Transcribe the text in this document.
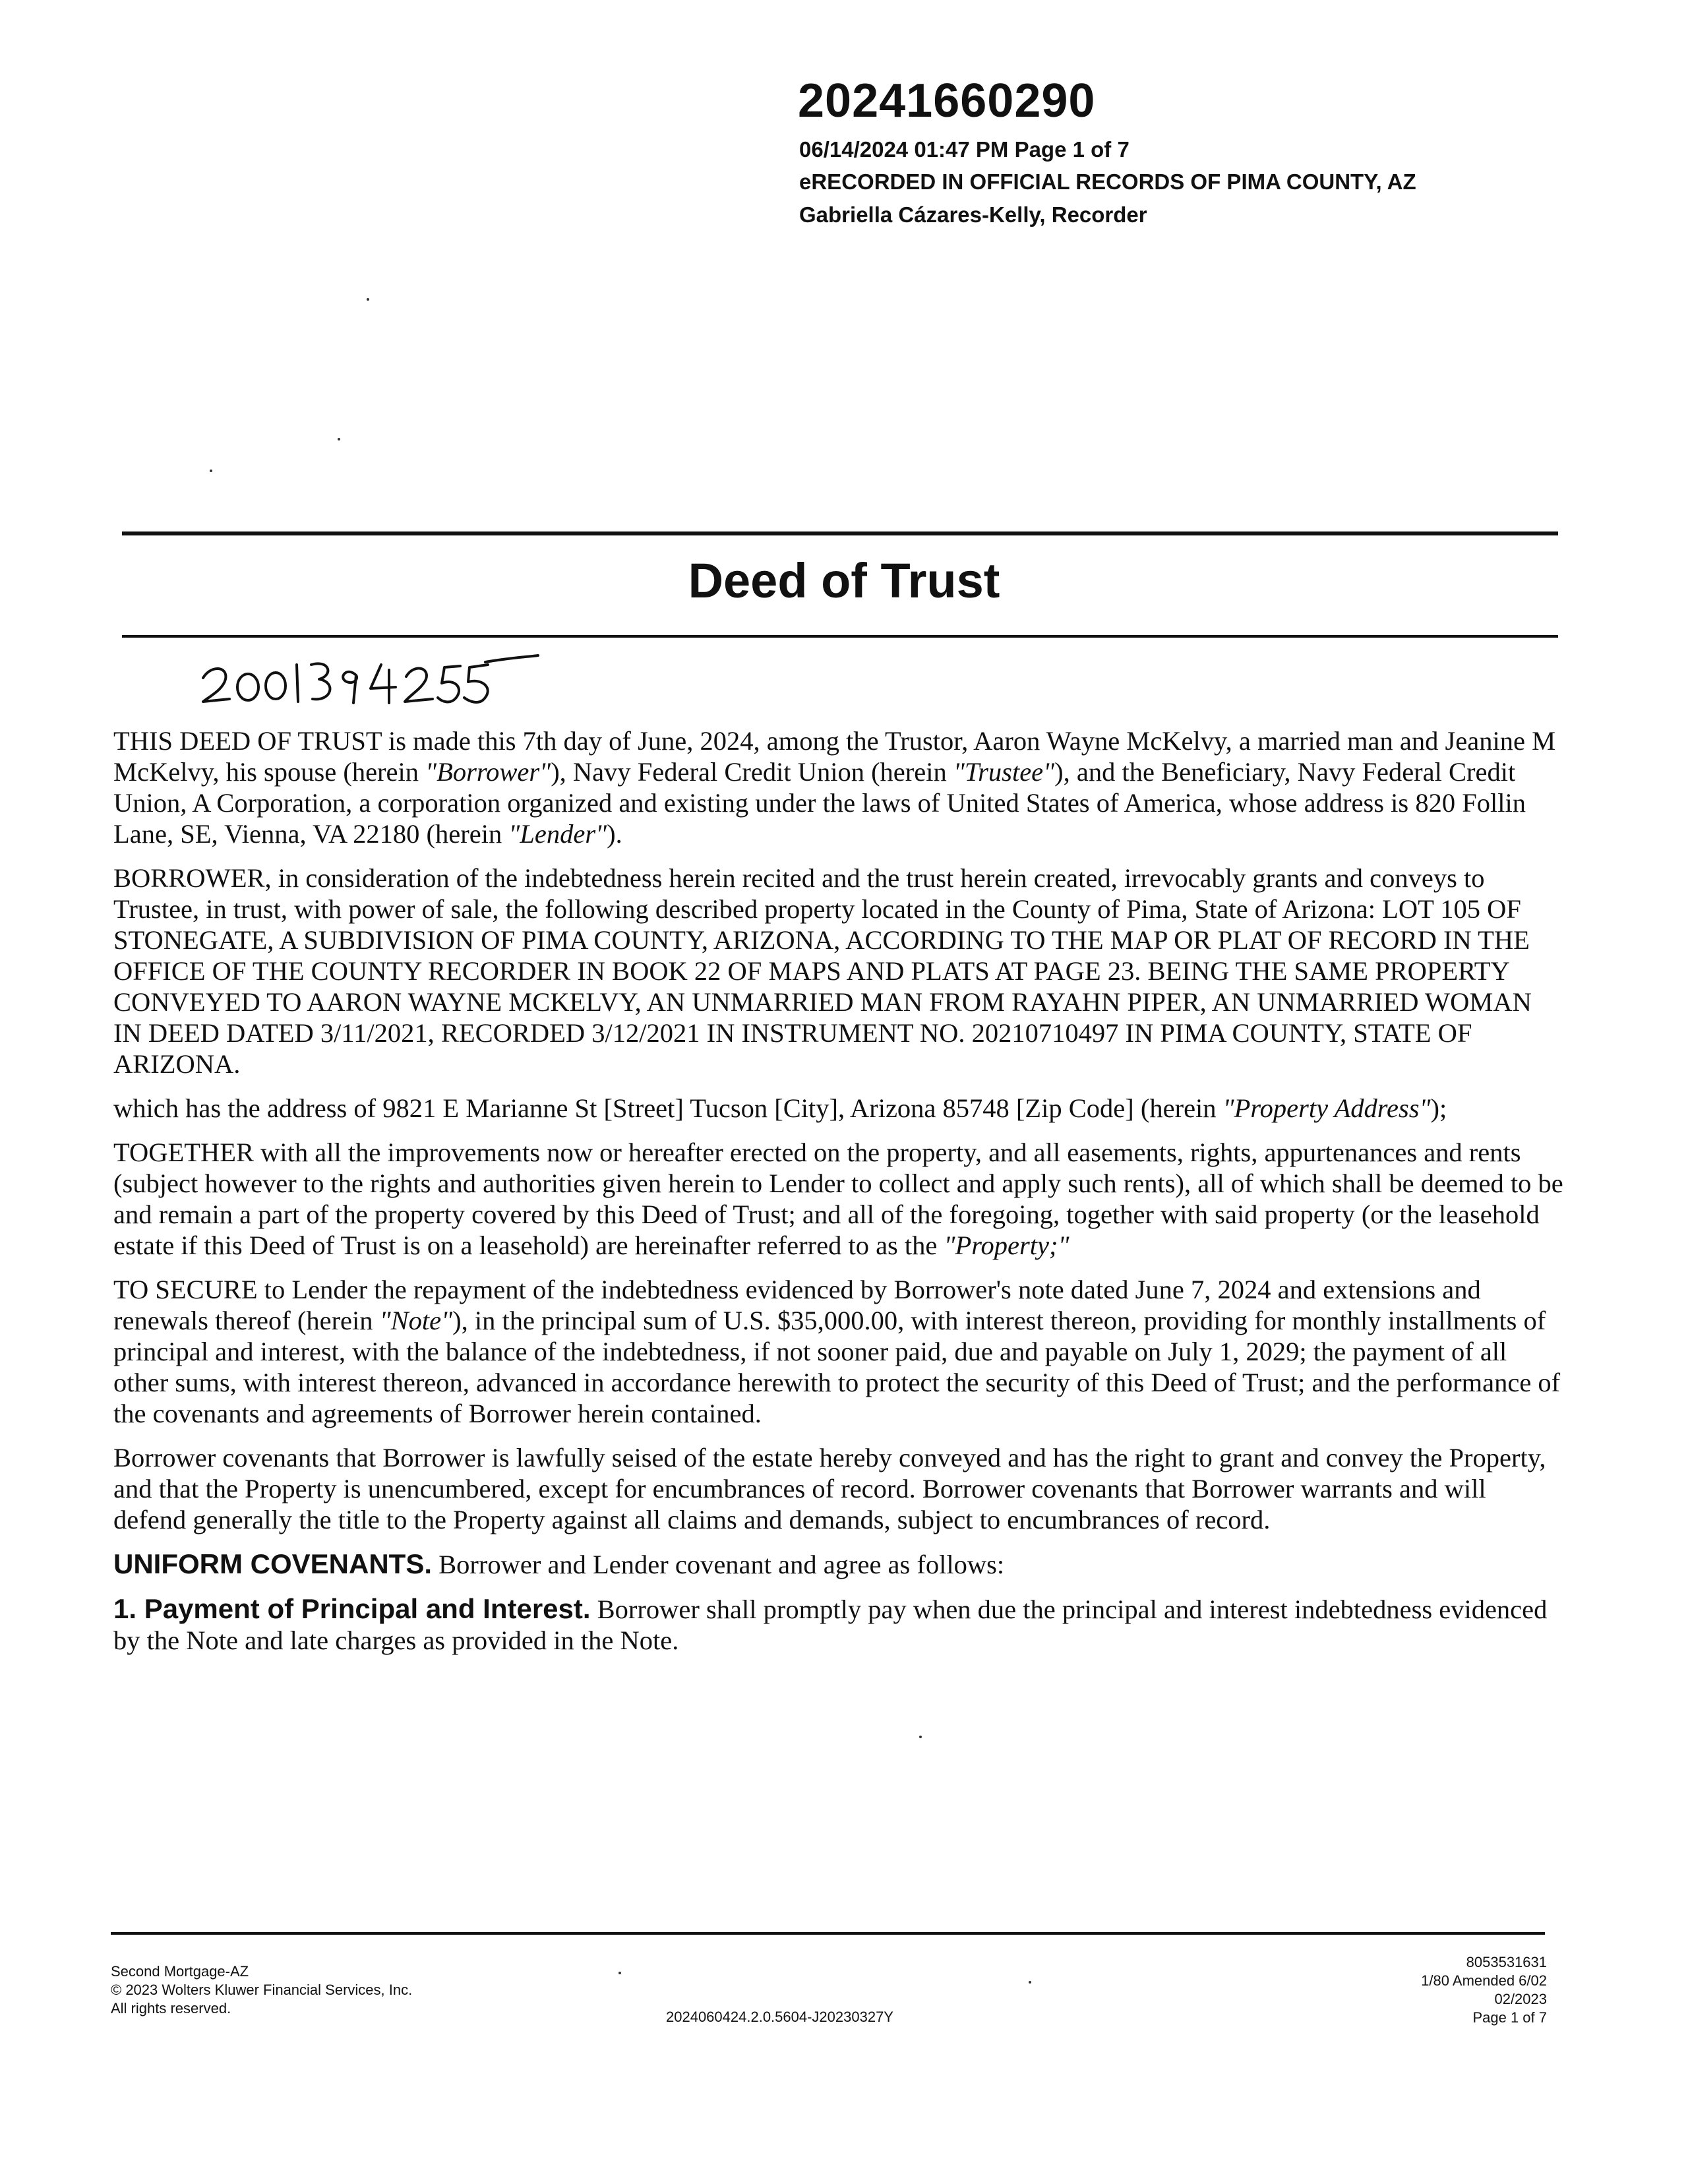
20241660290
06/14/2024 01:47 PM Page 1 of 7
eRECORDED IN OFFICIAL RECORDS OF PIMA COUNTY, AZ
Gabriella Cázares-Kelly, Recorder
Deed of Trust

THIS DEED OF TRUST is made this 7th day of June, 2024, among the Trustor, Aaron Wayne McKelvy, a married man and Jeanine M McKelvy, his spouse (herein "Borrower"), Navy Federal Credit Union (herein "Trustee"), and the Beneficiary, Navy Federal Credit Union, A Corporation, a corporation organized and existing under the laws of United States of America, whose address is 820 Follin Lane, SE, Vienna, VA 22180 (herein "Lender").

BORROWER, in consideration of the indebtedness herein recited and the trust herein created, irrevocably grants and conveys to Trustee, in trust, with power of sale, the following described property located in the County of Pima, State of Arizona: LOT 105 OF STONEGATE, A SUBDIVISION OF PIMA COUNTY, ARIZONA, ACCORDING TO THE MAP OR PLAT OF RECORD IN THE OFFICE OF THE COUNTY RECORDER IN BOOK 22 OF MAPS AND PLATS AT PAGE 23. BEING THE SAME PROPERTY CONVEYED TO AARON WAYNE MCKELVY, AN UNMARRIED MAN FROM RAYAHN PIPER, AN UNMARRIED WOMAN IN DEED DATED 3/11/2021, RECORDED 3/12/2021 IN INSTRUMENT NO. 20210710497 IN PIMA COUNTY, STATE OF ARIZONA.

which has the address of 9821 E Marianne St [Street] Tucson [City], Arizona 85748 [Zip Code] (herein "Property Address");

TOGETHER with all the improvements now or hereafter erected on the property, and all easements, rights, appurtenances and rents (subject however to the rights and authorities given herein to Lender to collect and apply such rents), all of which shall be deemed to be and remain a part of the property covered by this Deed of Trust; and all of the foregoing, together with said property (or the leasehold estate if this Deed of Trust is on a leasehold) are hereinafter referred to as the "Property;"

TO SECURE to Lender the repayment of the indebtedness evidenced by Borrower's note dated June 7, 2024 and extensions and renewals thereof (herein "Note"), in the principal sum of U.S. $35,000.00, with interest thereon, providing for monthly installments of principal and interest, with the balance of the indebtedness, if not sooner paid, due and payable on July 1, 2029; the payment of all other sums, with interest thereon, advanced in accordance herewith to protect the security of this Deed of Trust; and the performance of the covenants and agreements of Borrower herein contained.

Borrower covenants that Borrower is lawfully seised of the estate hereby conveyed and has the right to grant and convey the Property, and that the Property is unencumbered, except for encumbrances of record. Borrower covenants that Borrower warrants and will defend generally the title to the Property against all claims and demands, subject to encumbrances of record.

UNIFORM COVENANTS. Borrower and Lender covenant and agree as follows:

1. Payment of Principal and Interest. Borrower shall promptly pay when due the principal and interest indebtedness evidenced by the Note and late charges as provided in the Note.

Second Mortgage-AZ
© 2023 Wolters Kluwer Financial Services, Inc.
All rights reserved.
2024060424.2.0.5604-J20230327Y
8053531631
1/80 Amended 6/02
02/2023
Page 1 of 7
